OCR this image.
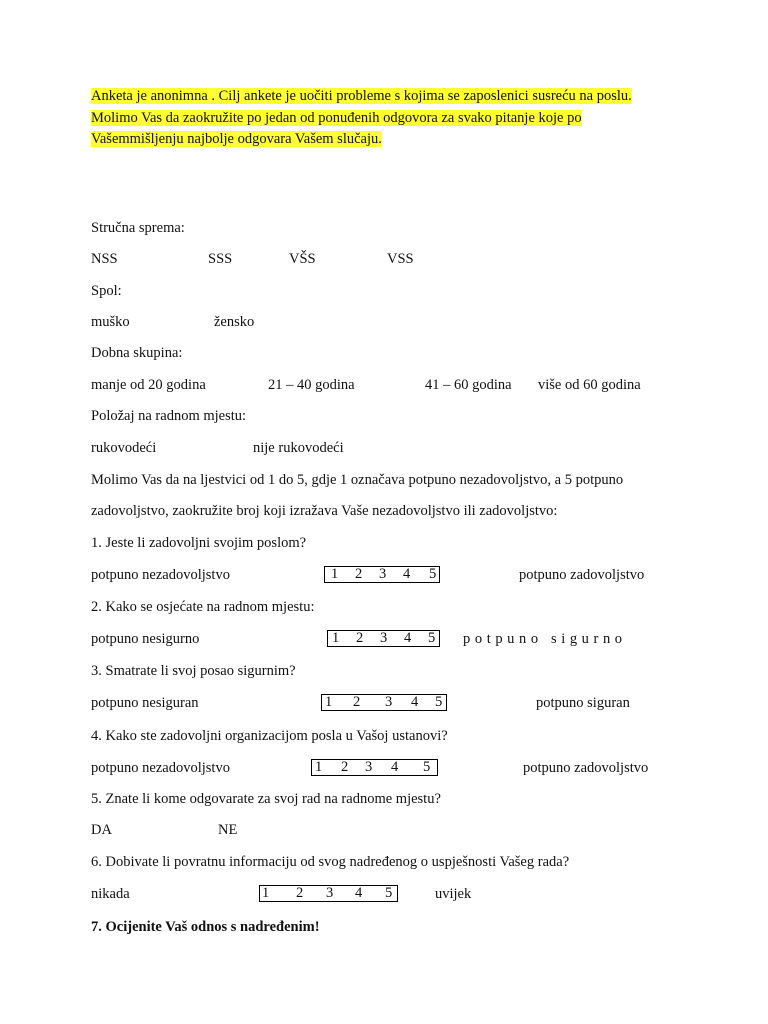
Anketa je anonimna . Cilj ankete je uočiti probleme s kojima se zaposlenici susreću na poslu.
Molimo Vas da zaokružite po jedan od ponuđenih odgovora za svako pitanje koje po
Vašemmišljenju najbolje odgovara Vašem slučaju.
Stručna sprema:
NSS	SSS	VŠS	VSS
Spol:
muško	žensko
Dobna skupina:
manje od 20 godina	21 – 40 godina	41 – 60 godina više od 60 godina
Položaj na radnom mjestu:
rukovodeći	nije rukovodeći
Molimo Vas da na ljestvici od 1 do 5, gdje 1 označava potpuno nezadovoljstvo, a 5 potpuno
zadovoljstvo, zaokružite broj koji izražava Vaše nezadovoljstvo ili zadovoljstvo:
1. Jeste li zadovoljni svojim poslom?
potpuno nezadovoljstvo	1 2 3 4 5	potpuno zadovoljstvo
2. Kako se osjećate na radnom mjestu:
potpuno nesigurno	1 2 3 4 5 potpuno sigurno
3. Smatrate li svoj posao sigurnim?
potpuno nesiguran	1 2 3 4 5	potpuno siguran
4. Kako ste zadovoljni organizacijom posla u Vašoj ustanovi?
potpuno nezadovoljstvo	1 2 3 4 5	potpuno zadovoljstvo
5. Znate li kome odgovarate za svoj rad na radnome mjestu?
DA	NE
6. Dobivate li povratnu informaciju od svog nadređenog o uspješnosti Vašeg rada?
nikada	1 2 3 4 5	uvijek
7. Ocijenite Vaš odnos s nadređenim!
